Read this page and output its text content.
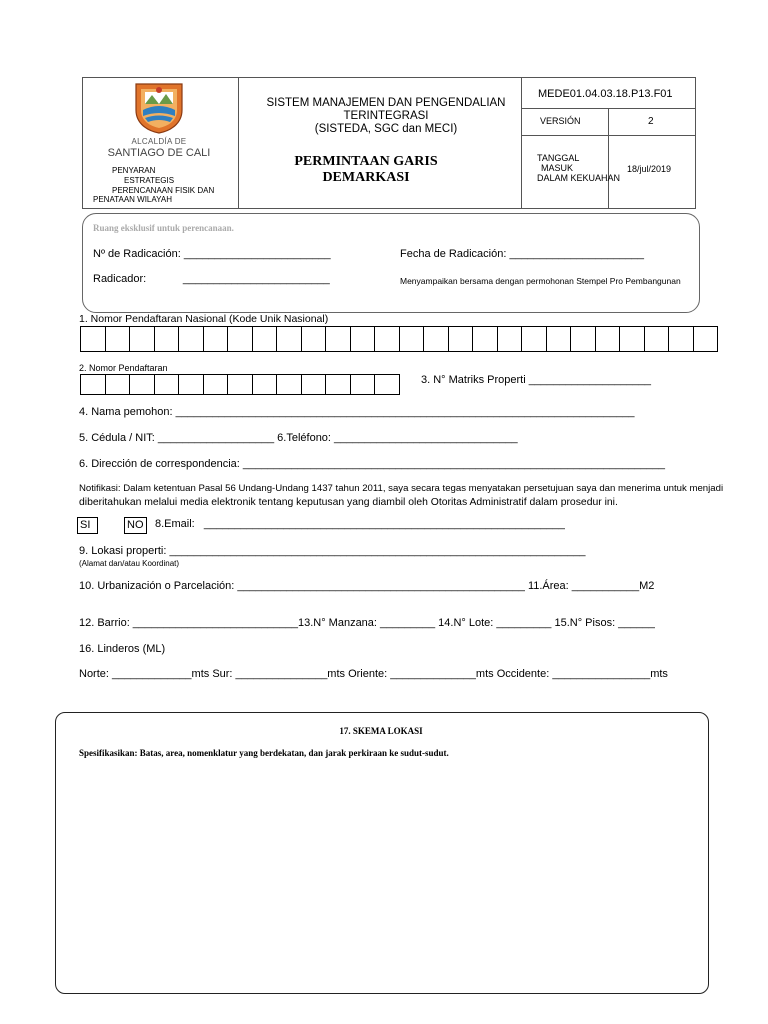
ALCALDÍA DE
SANTIAGO DE CALI
PENYARAN
ESTRATEGIS
PERENCANAAN FISIK DAN
PENATAAN WILAYAH
SISTEM MANAJEMEN DAN PENGENDALIAN
TERINTEGRASI
(SISTEDA, SGC dan MECI)
PERMINTAAN GARIS
DEMARKASI
MEDE01.04.03.18.P13.F01
VERSIÓN	2
TANGGAL
MASUK
DALAM KEKUAHAN
18/jul/2019
Ruang eksklusif untuk perencanaan.
Nº de Radicación: ________________________	Fecha de Radicación: ______________________
Radicador:            ________________________	Menyampaikan bersama dengan permohonan Stempel Pro Pembangunan
1. Nomor Pendaftaran Nasional (Kode Unik Nasional)
2. Nomor Pendaftaran
3. N° Matriks Properti ____________________
4. Nama pemohon: ___________________________________________________________________________
5. Cédula / NIT: ___________________ 6.Teléfono: ______________________________
6. Dirección de correspondencia: _____________________________________________________________________
Notifikasi: Dalam ketentuan Pasal 56 Undang-Undang 1437 tahun 2011, saya secara tegas menyatakan persetujuan saya dan menerima untuk menjadi
diberitahukan melalui media elektronik tentang keputusan yang diambil oleh Otoritas Administratif dalam prosedur ini.
SI	NO	8.Email:   ___________________________________________________________
9. Lokasi properti: ____________________________________________________________________
(Alamat dan/atau Koordinat)
10. Urbanización o Parcelación: _______________________________________________ 11.Área: ___________M2
12. Barrio: ___________________________13.N° Manzana: _________ 14.N° Lote: _________ 15.N° Pisos: ______
16. Linderos (ML)
Norte: _____________mts Sur: _______________mts Oriente: ______________mts Occidente: ________________mts
17. SKEMA LOKASI
Spesifikasikan: Batas, area, nomenklatur yang berdekatan, dan jarak perkiraan ke sudut-sudut.
